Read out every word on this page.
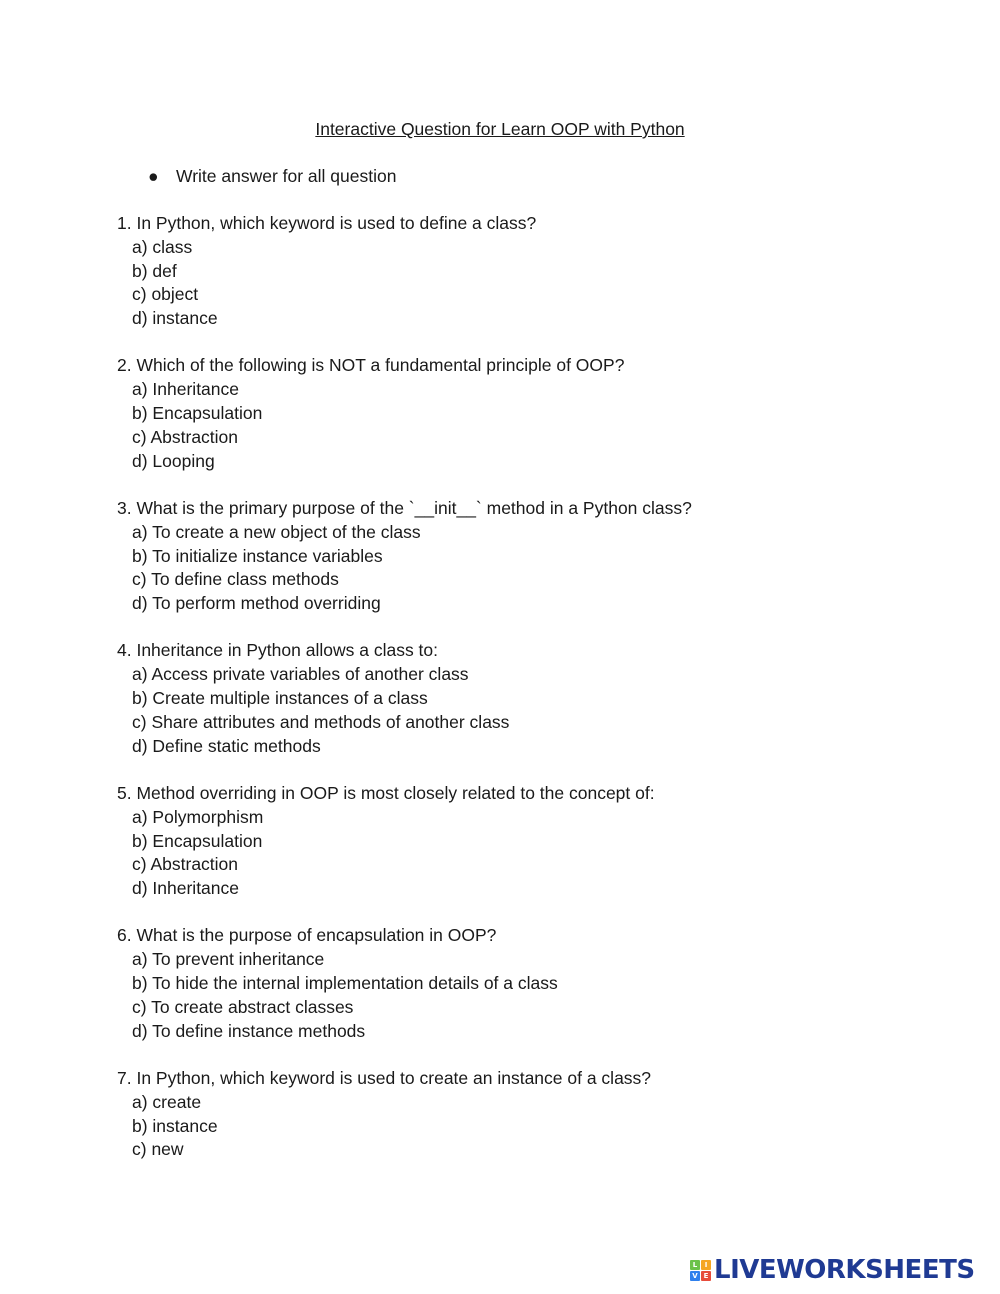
Interactive Question for Learn OOP with Python
● Write answer for all question
1. In Python, which keyword is used to define a class?
a) class
b) def
c) object
d) instance
2. Which of the following is NOT a fundamental principle of OOP?
a) Inheritance
b) Encapsulation
c) Abstraction
d) Looping
3. What is the primary purpose of the `__init__` method in a Python class?
a) To create a new object of the class
b) To initialize instance variables
c) To define class methods
d) To perform method overriding
4. Inheritance in Python allows a class to:
a) Access private variables of another class
b) Create multiple instances of a class
c) Share attributes and methods of another class
d) Define static methods
5. Method overriding in OOP is most closely related to the concept of:
a) Polymorphism
b) Encapsulation
c) Abstraction
d) Inheritance
6. What is the purpose of encapsulation in OOP?
a) To prevent inheritance
b) To hide the internal implementation details of a class
c) To create abstract classes
d) To define instance methods
7. In Python, which keyword is used to create an instance of a class?
a) create
b) instance
c) new
L	I
V E LIVEWORKSHEETS
